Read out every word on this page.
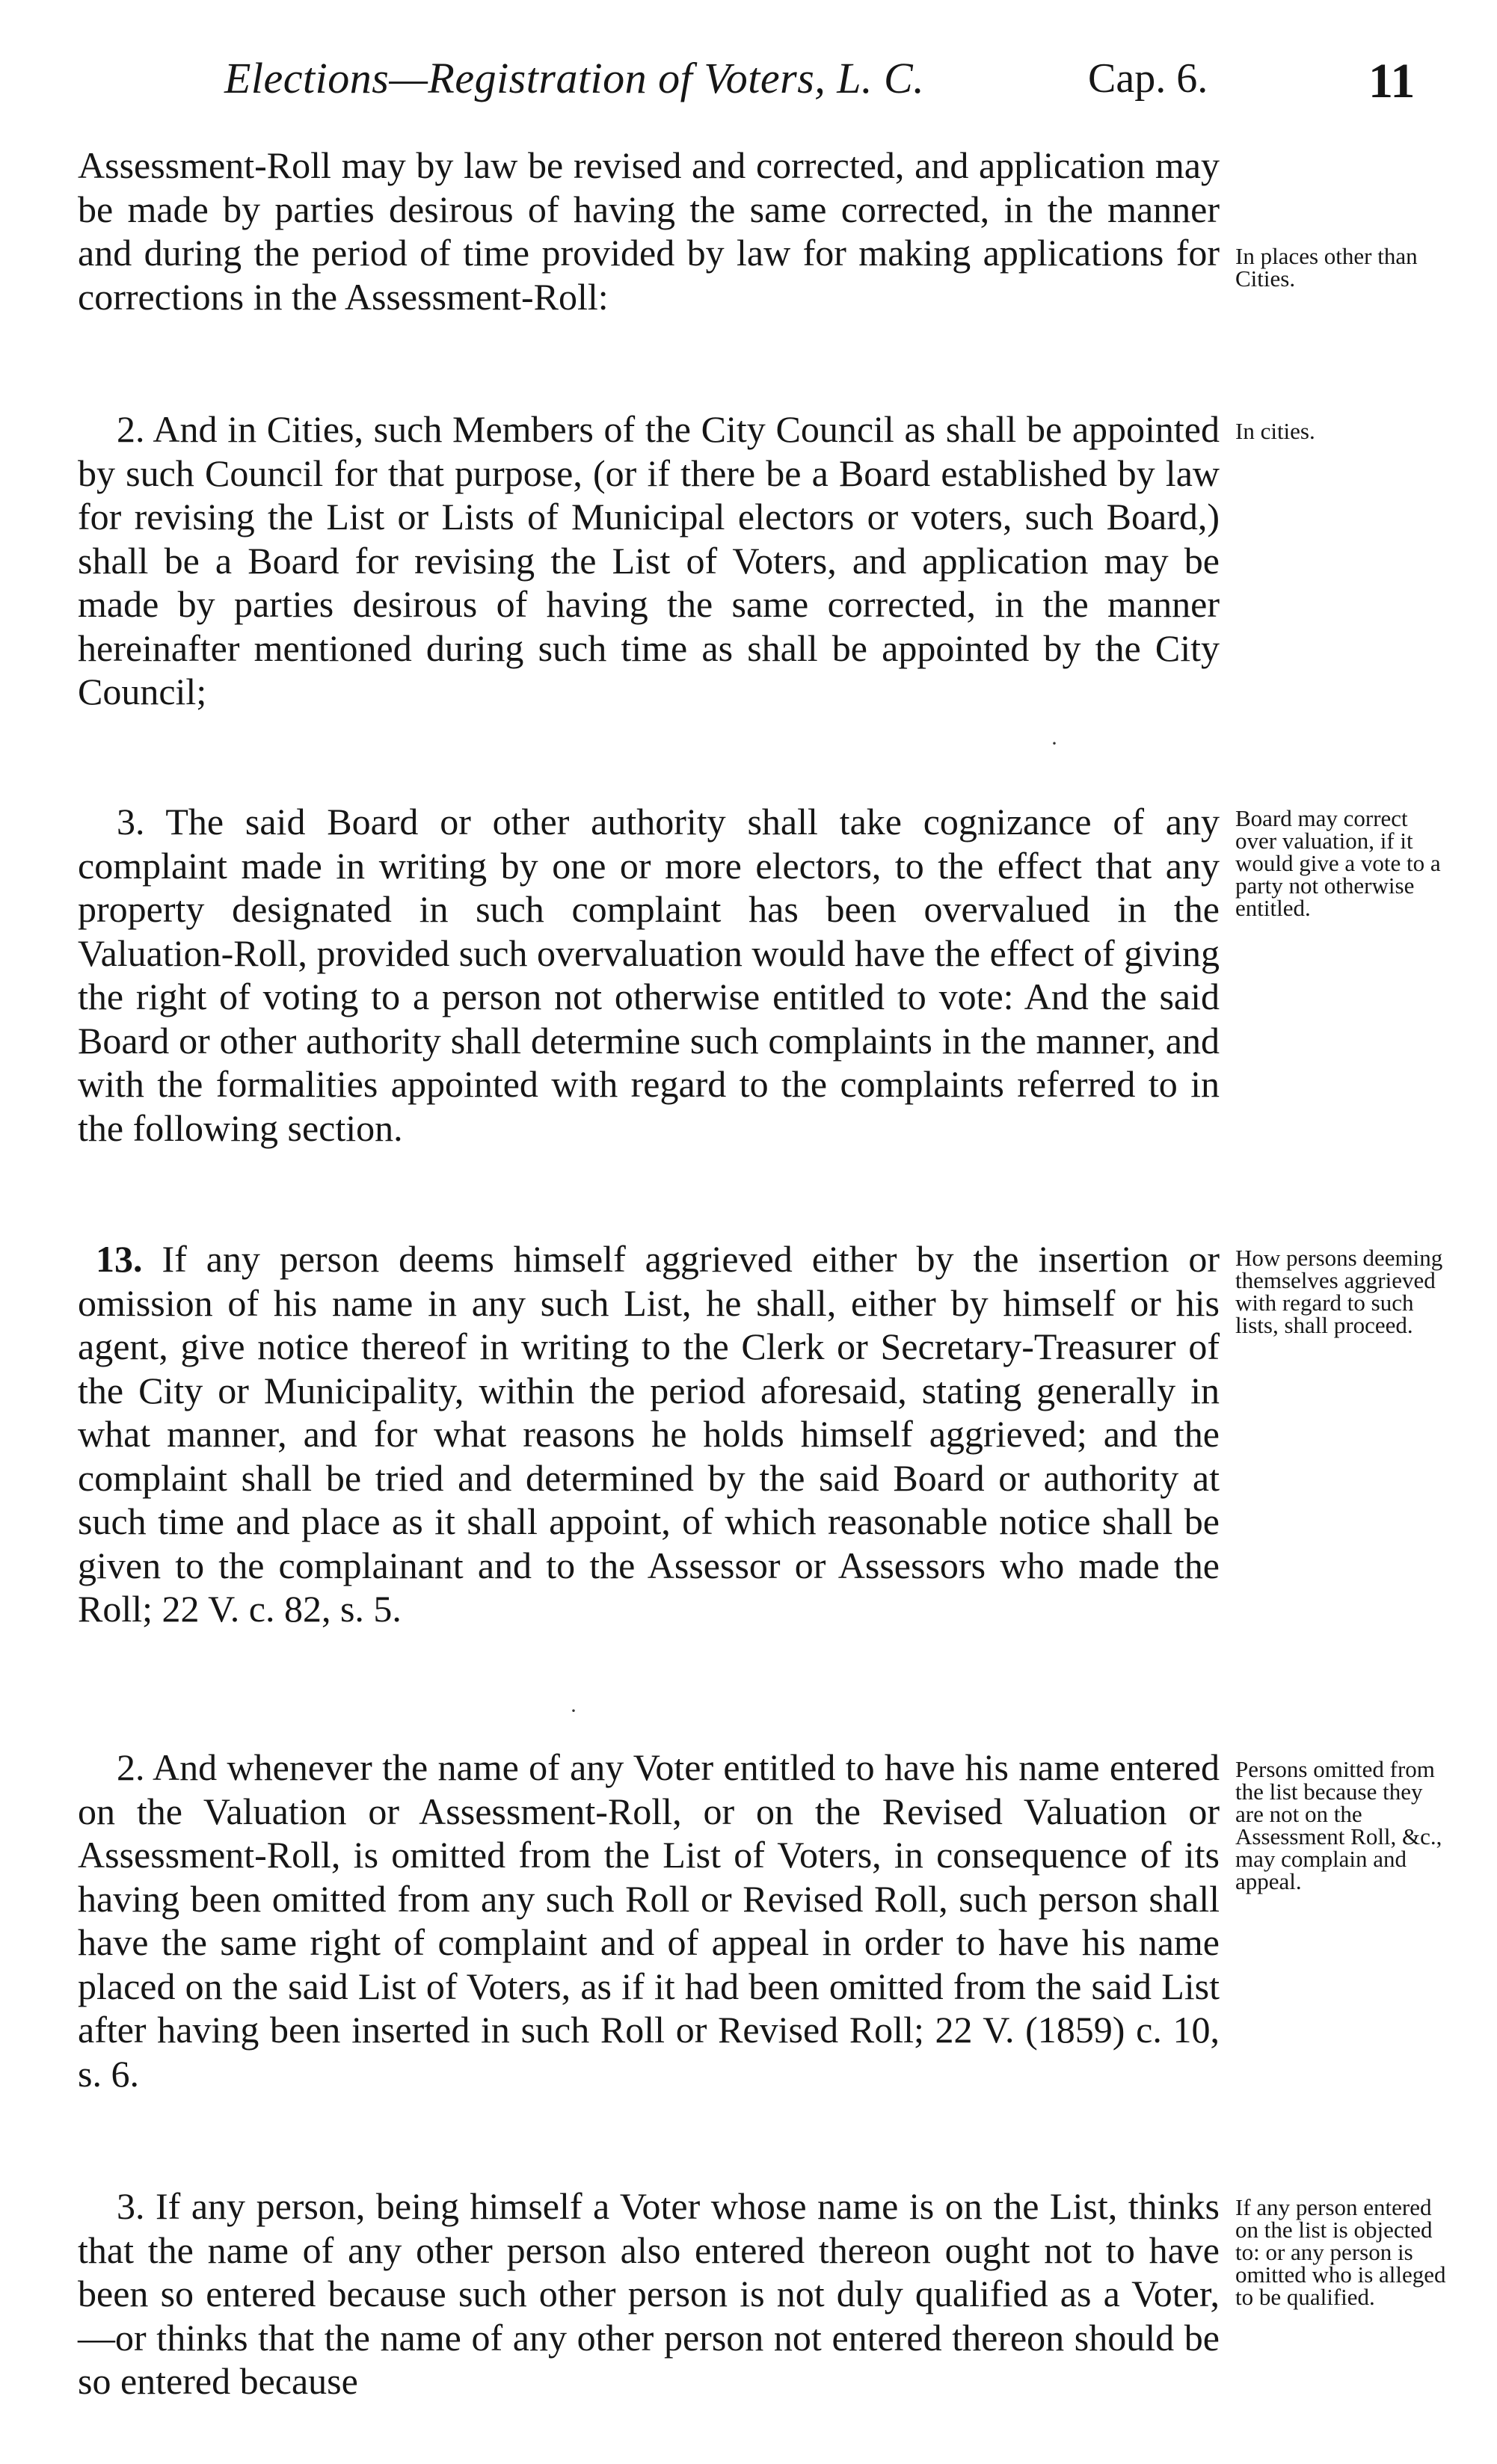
Elections—Registration of Voters, L. C.	Cap. 6.	11

Assessment-Roll may by law be revised and corrected, and application may be made by parties desirous of having the same corrected, in the manner and during the period of time provided by law for making applications for corrections in the Assessment-Roll:

In places other than Cities.

2. And in Cities, such Members of the City Council as shall be appointed by such Council for that purpose, (or if there be a Board established by law for revising the List or Lists of Municipal electors or voters, such Board,) shall be a Board for revising the List of Voters, and application may be made by parties desirous of having the same corrected, in the manner hereinafter mentioned during such time as shall be appointed by the City Council;

In cities.

3. The said Board or other authority shall take cognizance of any complaint made in writing by one or more electors, to the effect that any property designated in such complaint has been overvalued in the Valuation-Roll, provided such overvaluation would have the effect of giving the right of voting to a person not otherwise entitled to vote: And the said Board or other authority shall determine such complaints in the manner, and with the formalities appointed with regard to the complaints referred to in the following section.

Board may correct over valuation, if it would give a vote to a party not otherwise entitled.

13. If any person deems himself aggrieved either by the insertion or omission of his name in any such List, he shall, either by himself or his agent, give notice thereof in writing to the Clerk or Secretary-Treasurer of the City or Municipality, within the period aforesaid, stating generally in what manner, and for what reasons he holds himself aggrieved; and the complaint shall be tried and determined by the said Board or authority at such time and place as it shall appoint, of which reasonable notice shall be given to the complainant and to the Assessor or Assessors who made the Roll; 22 V. c. 82, s. 5.

How persons deeming themselves aggrieved with regard to such lists, shall proceed.

2. And whenever the name of any Voter entitled to have his name entered on the Valuation or Assessment-Roll, or on the Revised Valuation or Assessment-Roll, is omitted from the List of Voters, in consequence of its having been omitted from any such Roll or Revised Roll, such person shall have the same right of complaint and of appeal in order to have his name placed on the said List of Voters, as if it had been omitted from the said List after having been inserted in such Roll or Revised Roll; 22 V. (1859) c. 10, s. 6.

Persons omitted from the list because they are not on the Assessment Roll, &c., may complain and appeal.

3. If any person, being himself a Voter whose name is on the List, thinks that the name of any other person also entered thereon ought not to have been so entered because such other person is not duly qualified as a Voter,—or thinks that the name of any other person not entered thereon should be so entered because

If any person entered on the list is objected to: or any person is omitted who is alleged to be qualified.
·
·
